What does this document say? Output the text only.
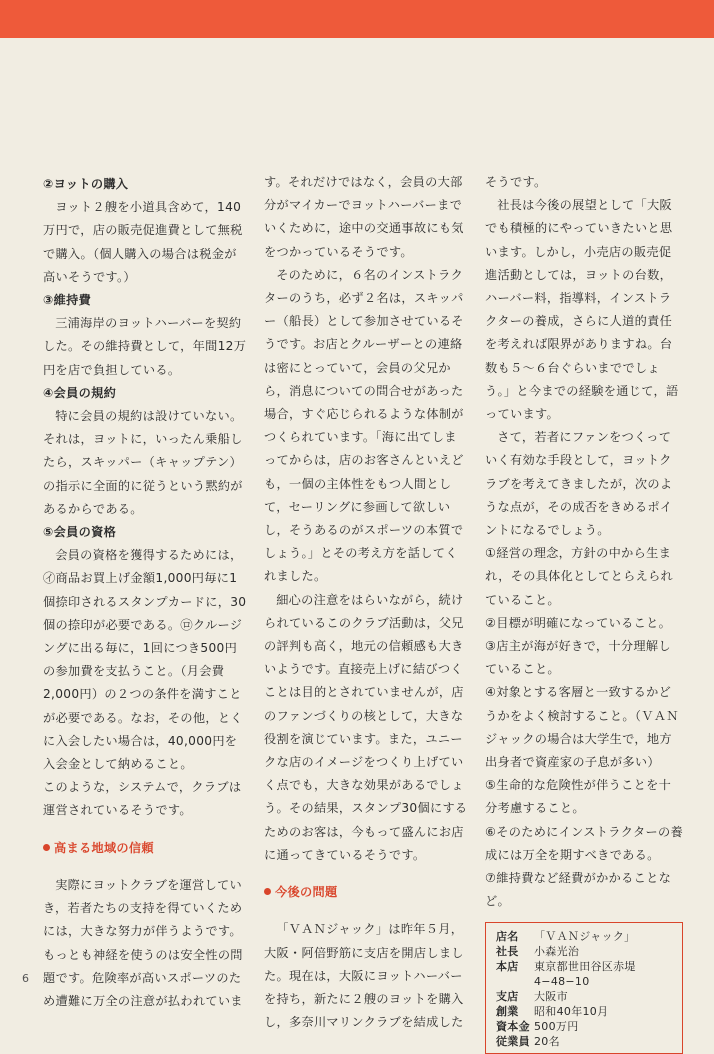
②ヨットの購入

ヨット２艘を小道具含めて，140万円で，店の販売促進費として無税で購入。（個人購入の場合は税金が高いそうです。）

③維持費

三浦海岸のヨットハーバーを契約した。その維持費として，年間12万円を店で負担している。

④会員の規約

特に会員の規約は設けていない。それは，ヨットに，いったん乗船したら，スキッパー（キャップテン）の指示に全面的に従うという黙約があるからである。

⑤会員の資格

会員の資格を獲得するためには，㋑商品お買上げ金額1,000円毎に1個捺印されるスタンプカードに，30個の捺印が必要である。㋺クルージングに出る毎に，1回につき500円の参加費を支払うこと。（月会費2,000円）の２つの条件を満すことが必要である。なお，その他，とくに入会したい場合は，40,000円を入会金として納めること。

このような，システムで，クラブは運営されているそうです。

高まる地域の信頼

実際にヨットクラブを運営していき，若者たちの支持を得ていくためには，大きな努力が伴うようです。もっとも神経を使うのは安全性の問題です。危険率が高いスポーツのため遭難に万全の注意が払われていま

す。それだけではなく，会員の大部分がマイカーでヨットハーバーまでいくために，途中の交通事故にも気をつかっているそうです。

そのために，６名のインストラクターのうち，必ず２名は，スキッパー（船長）として参加させているそうです。お店とクルーザーとの連絡は密にとっていて，会員の父兄から，消息についての問合せがあった場合，すぐ応じられるような体制がつくられています。「海に出てしまってからは，店のお客さんといえども，一個の主体性をもつ人間として，セーリングに参画して欲しいし，そうあるのがスポーツの本質でしょう。」とその考え方を話してくれました。

細心の注意をはらいながら，続けられているこのクラブ活動は，父兄の評判も高く，地元の信頼感も大きいようです。直接売上げに結びつくことは目的とされていませんが，店のファンづくりの核として，大きな役割を演じています。また，ユニークな店のイメージをつくり上げていく点でも，大きな効果があるでしょう。その結果，スタンプ30個にするためのお客は，今もって盛んにお店に通ってきているそうです。

今後の問題

「ＶＡＮジャック」は昨年５月，大阪・阿倍野筋に支店を開店しました。現在は，大阪にヨットハーバーを持ち，新たに２艘のヨットを購入し，多奈川マリンクラブを結成した

そうです。

社長は今後の展望として「大阪でも積極的にやっていきたいと思います。しかし，小売店の販売促進活動としては，ヨットの台数，ハーバー料，指導料，インストラクターの養成，さらに人道的責任を考えれば限界がありますね。台数も５～６台ぐらいまででしょう。」と今までの経験を通じて，語っています。

さて，若者にファンをつくっていく有効な手段として，ヨットクラブを考えてきましたが，次のような点が，その成否をきめるポイントになるでしょう。

①経営の理念，方針の中から生まれ，その具体化としてとらえられていること。

②目標が明確になっていること。

③店主が海が好きで，十分理解していること。

④対象とする客層と一致するかどうかをよく検討すること。（ＶＡＮジャックの場合は大学生で，地方出身者で資産家の子息が多い）

⑤生命的な危険性が伴うことを十分考慮すること。

⑥そのためにインストラクターの養成には万全を期すべきである。

⑦維持費など経費がかかることなど。

店名	「ＶＡＮジャック」
社長	小森光治
本店	東京都世田谷区赤堤4−48−10
支店	大阪市
創業	昭和40年10月
資本金 500万円
従業員 20名
6
